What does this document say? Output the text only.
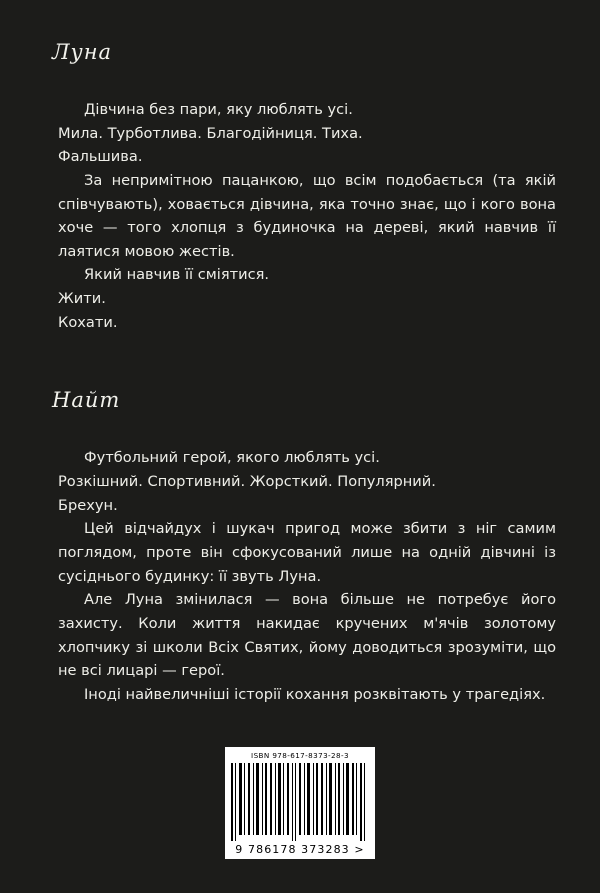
Луна

Дівчина без пари, яку люблять усі.

Мила. Турботлива. Благодійниця. Тиха.

Фальшива.

За непримітною пацанкою, що всім подобається (та якій співчувають), ховається дівчина, яка точно знає, що і кого вона хоче — того хлопця з будиночка на дереві, який навчив її лаятися мовою жестів.

Який навчив її сміятися.

Жити.

Кохати.

Найт

Футбольний герой, якого люблять усі.

Розкішний. Спортивний. Жорсткий. Популярний.

Брехун.

Цей відчайдух і шукач пригод може збити з ніг самим поглядом, проте він сфокусований лише на одній дівчині із сусіднього будинку: її звуть Луна.

Але Луна змінилася — вона більше не потребує його захисту. Коли життя накидає кручених м'ячів золотому хлопчику зі школи Всіх Святих, йому доводиться зрозуміти, що не всі лицарі — герої.

Іноді найвеличніші історії кохання розквітають у трагедіях.

ISBN 978-617-8373-28-3
9 786178 373283 >
